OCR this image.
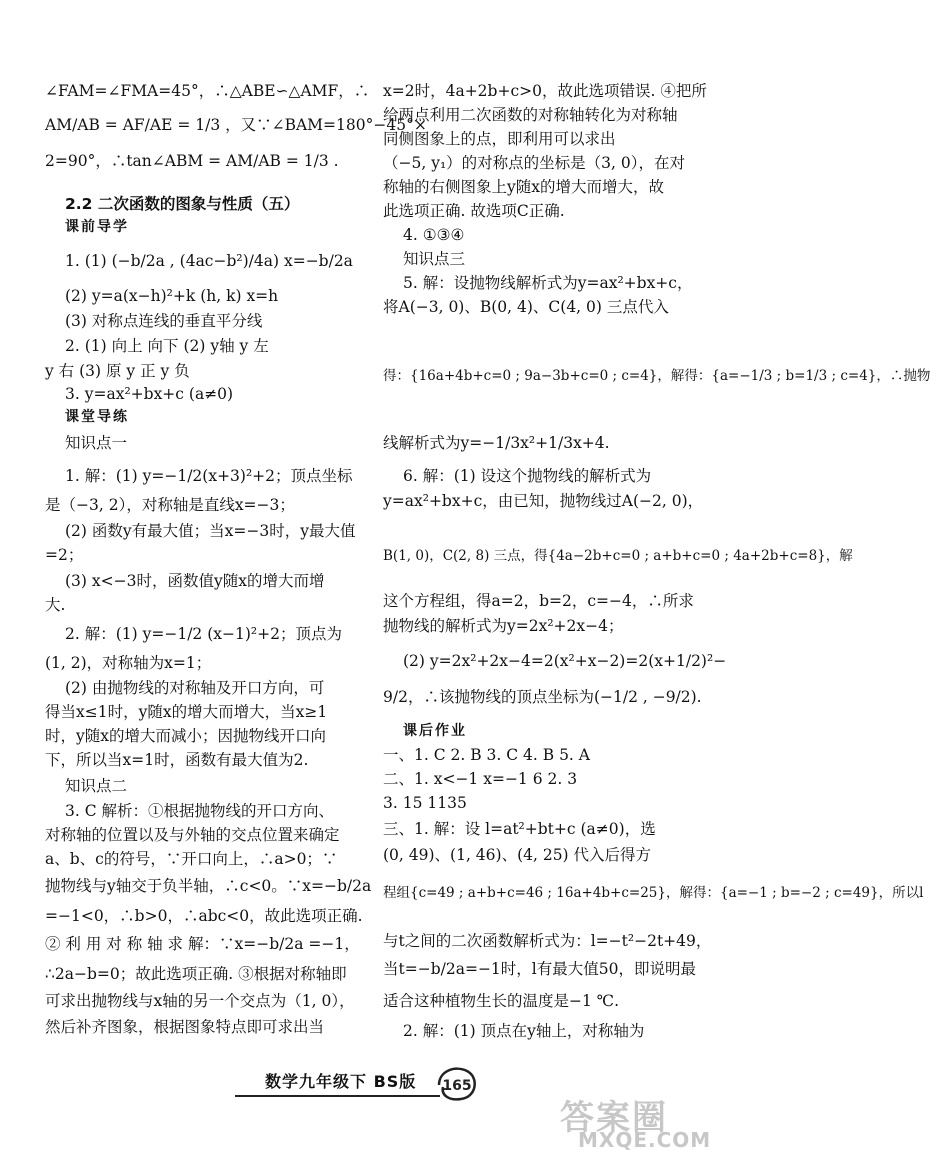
∠FAM=∠FMA=45°，∴△ABE∽△AMF，∴
AM/AB = AF/AE = 1/3 ，又∵∠BAM=180°−45°×
2=90°，∴tan∠ABM = AM/AB = 1/3 .
2.2 二次函数的图象与性质（五）
课前导学
1. (1) (−b/2a , (4ac−b²)/4a) x=−b/2a
(2) y=a(x−h)²+k (h, k) x=h
(3) 对称点连线的垂直平分线
2. (1) 向上 向下 (2) y轴 y 左
y 右 (3) 原 y 正 y 负
3. y=ax²+bx+c (a≠0)
课堂导练
知识点一
1. 解：(1) y=−1/2(x+3)²+2；顶点坐标
是（−3, 2），对称轴是直线x=−3；
(2) 函数y有最大值；当x=−3时，y最大值
=2；
(3) x<−3时，函数值y随x的增大而增
大.
2. 解：(1) y=−1/2 (x−1)²+2；顶点为
(1, 2)，对称轴为x=1；
(2) 由抛物线的对称轴及开口方向，可
得当x≤1时，y随x的增大而增大，当x≥1
时，y随x的增大而减小；因抛物线开口向
下，所以当x=1时，函数有最大值为2.
知识点二
3. C 解析：①根据抛物线的开口方向、
对称轴的位置以及与外轴的交点位置来确定
a、b、c的符号，∵开口向上，∴a>0；∵
抛物线与y轴交于负半轴，∴c<0。∵x=−b/2a
=−1<0，∴b>0，∴abc<0，故此选项正确.
② 利 用 对 称 轴 求 解：∵x=−b/2a =−1，
∴2a−b=0；故此选项正确. ③根据对称轴即
可求出抛物线与x轴的另一个交点为（1, 0），
然后补齐图象，根据图象特点即可求出当
x=2时，4a+2b+c>0，故此选项错误. ④把所
给两点利用二次函数的对称轴转化为对称轴
同侧图象上的点，即利用可以求出
（−5, y₁）的对称点的坐标是（3, 0），在对
称轴的右侧图象上y随x的增大而增大，故
此选项正确. 故选项C正确.
4. ①③④
知识点三
5. 解：设抛物线解析式为y=ax²+bx+c，
将A(−3, 0)、B(0, 4)、C(4, 0) 三点代入
得：{16a+4b+c=0 ; 9a−3b+c=0 ; c=4}，解得：{a=−1/3 ; b=1/3 ; c=4}，∴抛物
线解析式为y=−1/3x²+1/3x+4.
6. 解：(1) 设这个抛物线的解析式为
y=ax²+bx+c，由已知，抛物线过A(−2, 0)，
B(1, 0)，C(2, 8) 三点，得{4a−2b+c=0 ; a+b+c=0 ; 4a+2b+c=8}，解
这个方程组，得a=2，b=2，c=−4，∴所求
抛物线的解析式为y=2x²+2x−4；
(2) y=2x²+2x−4=2(x²+x−2)=2(x+1/2)²−
9/2，∴该抛物线的顶点坐标为(−1/2 , −9/2).
课后作业
一、1. C 2. B 3. C 4. B 5. A
二、1. x<−1 x=−1 6 2. 3
3. 15 1135
三、1. 解：设 l=at²+bt+c (a≠0)，选
(0, 49)、(1, 46)、(4, 25) 代入后得方
程组{c=49 ; a+b+c=46 ; 16a+4b+c=25}，解得：{a=−1 ; b=−2 ; c=49}，所以l
与t之间的二次函数解析式为：l=−t²−2t+49，
当t=−b/2a=−1时，l有最大值50，即说明最
适合这种植物生长的温度是−1 ℃.
2. 解：(1) 顶点在y轴上，对称轴为
数学九年级下 BS版 165
答案圈
MXQE.COM
